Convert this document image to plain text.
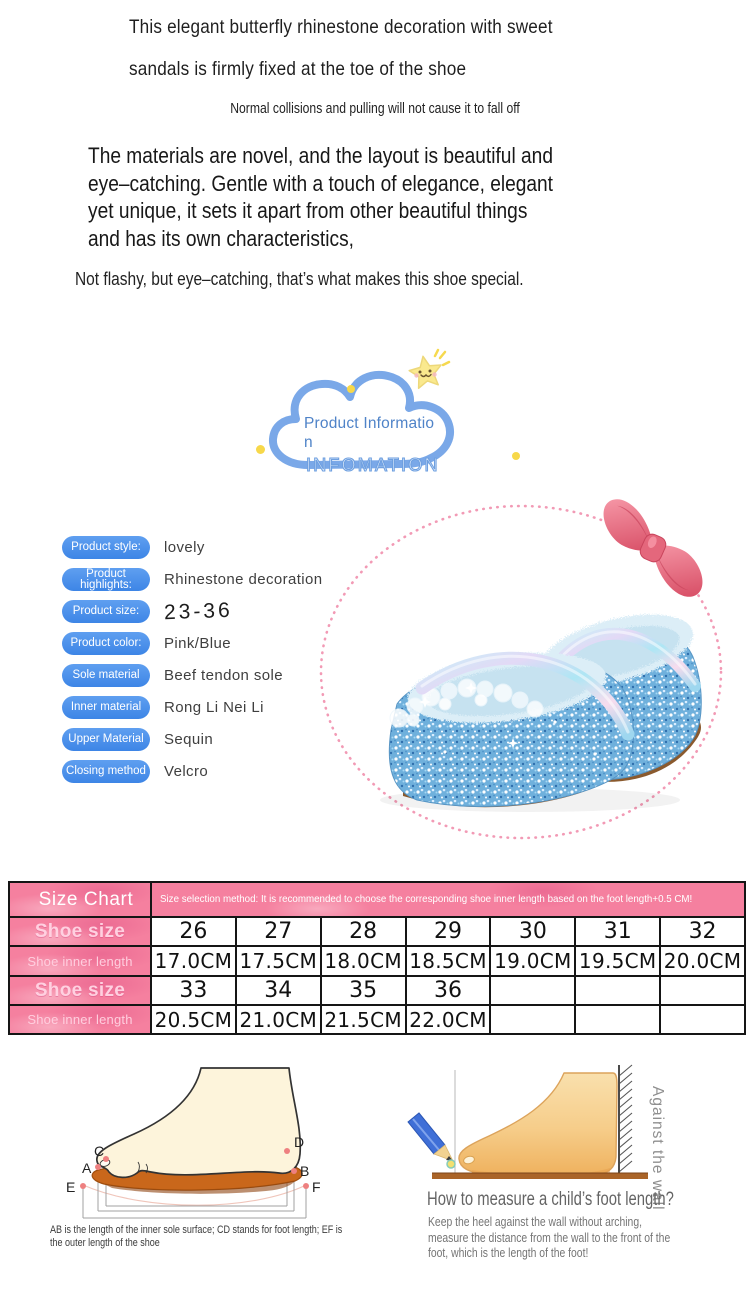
This elegant butterfly rhinestone decoration with sweet
sandals is firmly fixed at the toe of the shoe
Normal collisions and pulling will not cause it to fall off
The materials are novel, and the layout is beautiful and
eye–catching. Gentle with a touch of elegance, elegant
yet unique, it sets it apart from other beautiful things
and has its own characteristics,
Not flashy, but eye–catching, that’s what makes this shoe special.
Product Informatio
n
INFOMATION
Product style:	lovely
Product highlights:	Rhinestone decoration
Product size:	23-36
Product color:	Pink/Blue
Sole material	Beef tendon sole
Inner material	Rong Li Nei Li
Upper Material	Sequin
Closing method Velcro
Size Chart	Size selection method: It is recommended to choose the corresponding shoe inner length based on the foot length+0.5 CM!
Shoe size	26	27	28	29	30	31	32
Shoe inner length	17.0CM 17.5CM 18.0CM 18.5CM 19.0CM 19.5CM 20.0CM
Shoe size	33	34	35	36
Shoe inner length	20.5CM 21.0CM 21.5CM 22.0CM
C
A
E
D
B
F
AB is the length of the inner sole surface; CD stands for foot length; EF is
the outer length of the shoe
Against the wall
How to measure a child’s foot length?
Keep the heel against the wall without arching,
measure the distance from the wall to the front of the
foot, which is the length of the foot!
